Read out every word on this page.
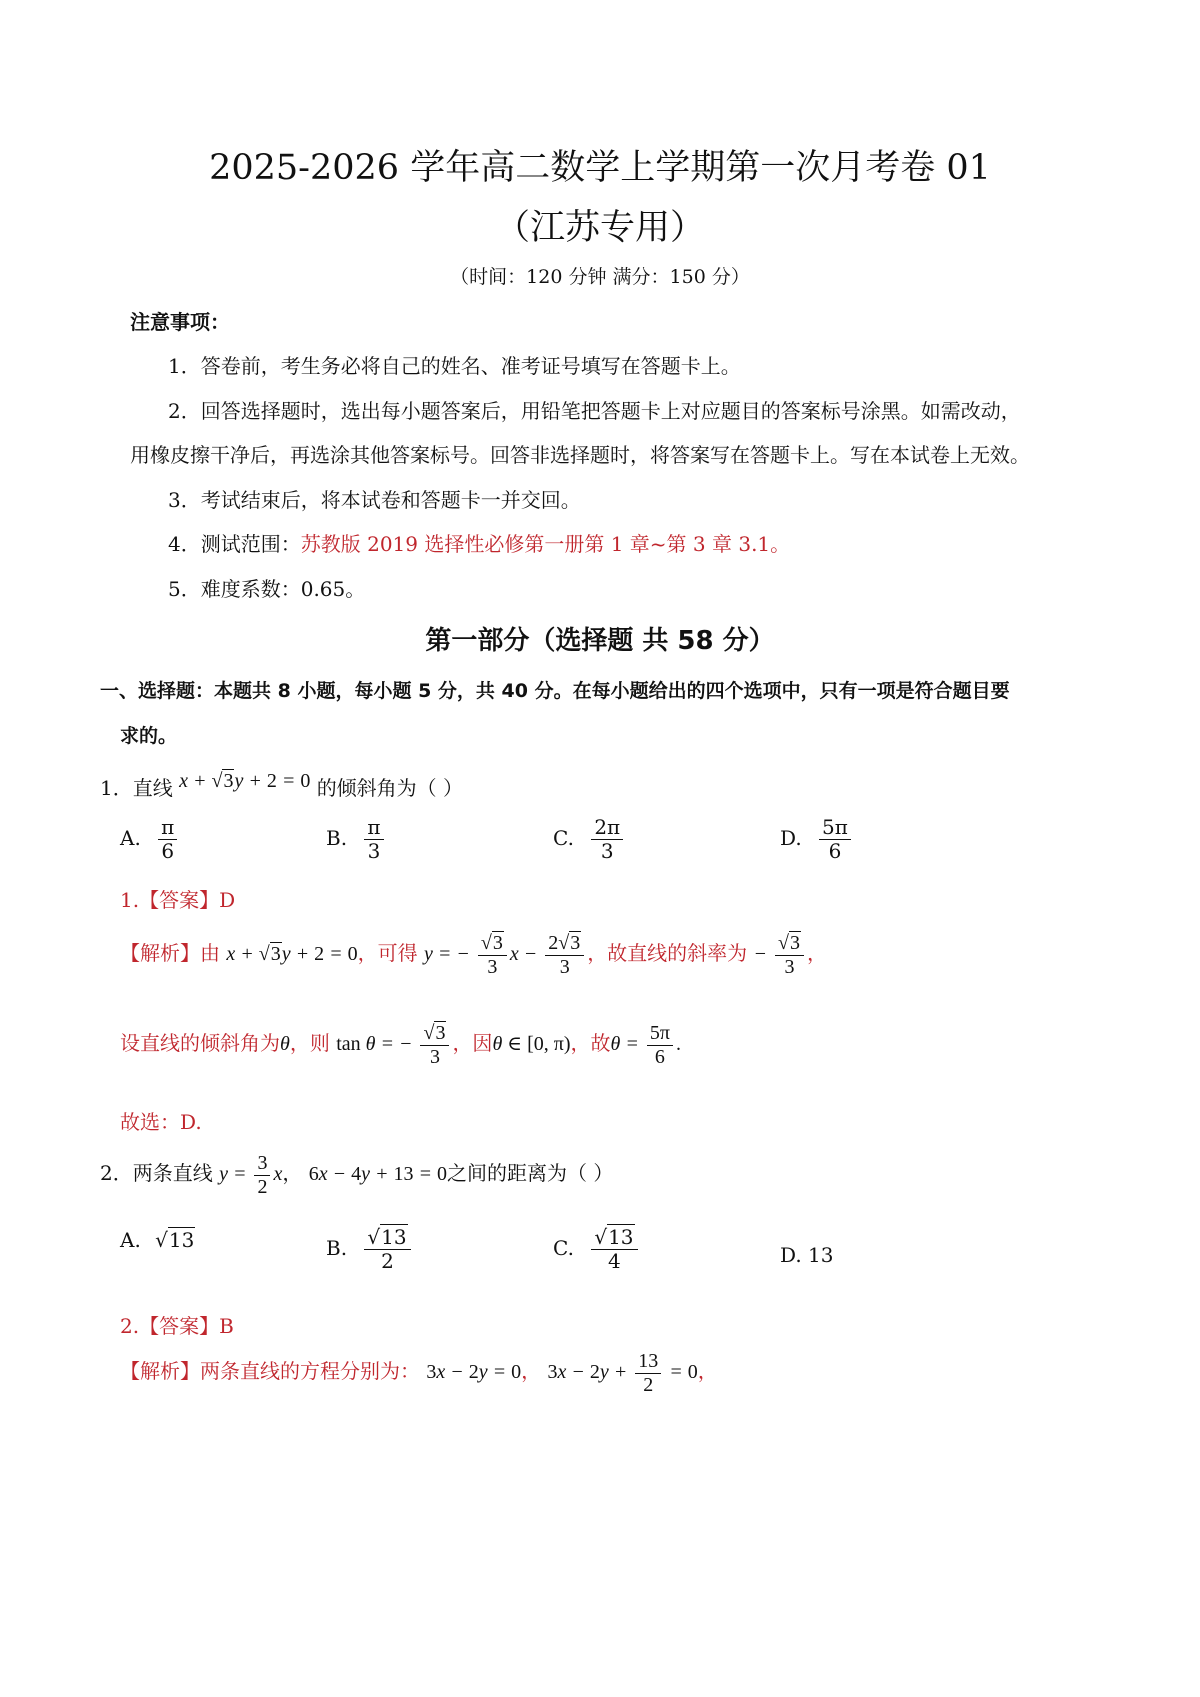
2025-2026 学年高二数学上学期第一次月考卷 01
（江苏专用）
（时间：120 分钟 满分：150 分）
注意事项：
1．答卷前，考生务必将自己的姓名、准考证号填写在答题卡上。
2．回答选择题时，选出每小题答案后，用铅笔把答题卡上对应题目的答案标号涂黑。如需改动，
用橡皮擦干净后，再选涂其他答案标号。回答非选择题时，将答案写在答题卡上。写在本试卷上无效。
3．考试结束后，将本试卷和答题卡一并交回。
4．测试范围：苏教版 2019 选择性必修第一册第 1 章~第 3 章 3.1。
5．难度系数：0.65。
第一部分（选择题 共 58 分）
一、选择题：本题共 8 小题，每小题 5 分，共 40 分。在每小题给出的四个选项中，只有一项是符合题目要
求的。
1．直线 x + √3y + 2 = 0 的倾斜角为（ ）
A. $\frac{\pi}{6}$	B. $\frac{\pi}{3}$	C. $\frac{2\pi}{3}$	D. $\frac{5\pi}{6}$
1.【答案】D
【解析】由 x + √3y + 2 = 0，可得 y = − $\frac{√3}{3}$ $x - \frac{2√3}{3}$ ，故直线的斜率为 − $\frac{√3}{3}$ ，
设直线的倾斜角为θ，则 tan θ = − $\frac{√3}{3}$ ，因θ ∈ [0, π)，故$\theta = \frac{5\pi}{6}$ .
故选：D.
2．两条直线 $y = \frac{3}{2}$ x， 6x − 4y + 13 = 0之间的距离为（ ）
A. √13	B. $\frac{√13}{2}$	C. $\frac{√13}{4}$	D. 13
2.【答案】B
【解析】两条直线的方程分别为： 3x − 2y = 0， $3x - 2y + \frac{13}{2} = 0$，
